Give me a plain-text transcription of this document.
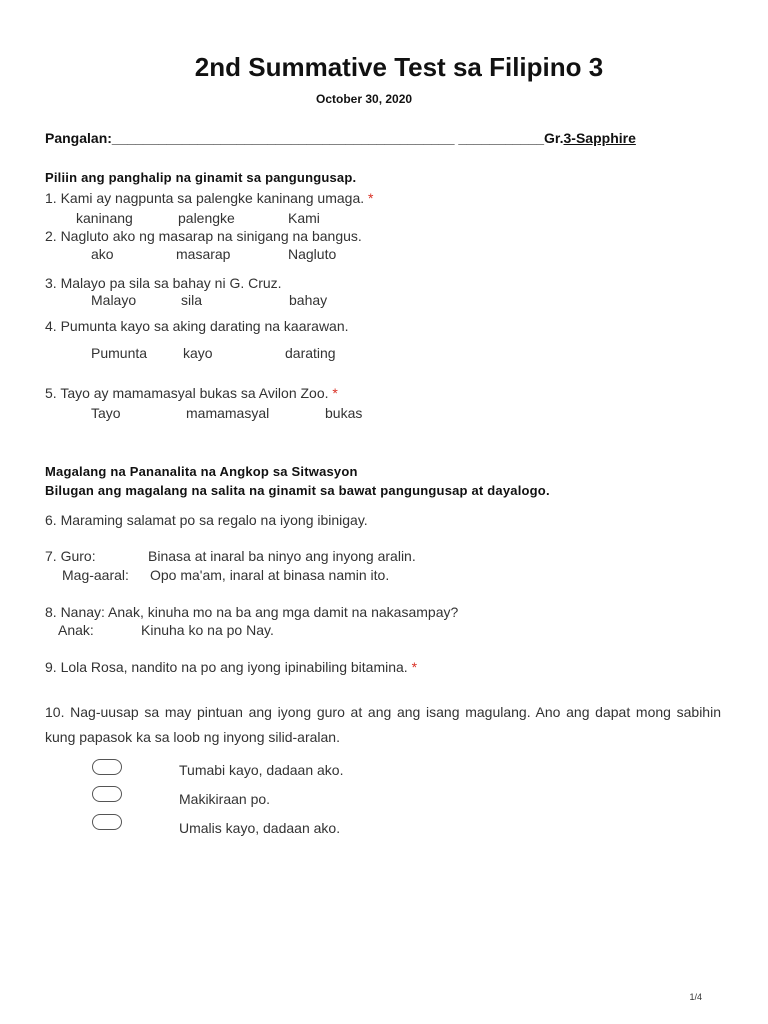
2nd Summative Test sa Filipino 3
October 30, 2020
Pangalan:____________________________________________ ___________Gr.3-Sapphire
Piliin ang panghalip na ginamit sa pangungusap.
1. Kami ay nagpunta sa palengke kaninang umaga. *
kaninang	palengke	Kami
2. Nagluto ako ng masarap na sinigang na bangus.
ako	masarap	Nagluto
3. Malayo pa sila sa bahay ni G. Cruz.
Malayo	sila	bahay
4. Pumunta kayo sa aking darating na kaarawan.
Pumunta	kayo	darating
5. Tayo ay mamamasyal bukas sa Avilon Zoo. *
Tayo	mamamasyal	bukas
Magalang na Pananalita na Angkop sa Sitwasyon
Bilugan ang magalang na salita na ginamit sa bawat pangungusap at dayalogo.
6. Maraming salamat po sa regalo na iyong ibinigay.
7. Guro:	Binasa at inaral ba ninyo ang inyong aralin.
Mag-aaral: Opo ma'am, inaral at binasa namin ito.
8. Nanay: Anak, kinuha mo na ba ang mga damit na nakasampay?
Anak:	Kinuha ko na po Nay.
9. Lola Rosa, nandito na po ang iyong ipinabiling bitamina. *
10. Nag-uusap sa may pintuan ang iyong guro at ang ang isang magulang. Ano ang dapat mong sabihin kung papasok ka sa loob ng inyong silid-aralan.
Tumabi kayo, dadaan ako.
Makikiraan po.
Umalis kayo, dadaan ako.
1/4
